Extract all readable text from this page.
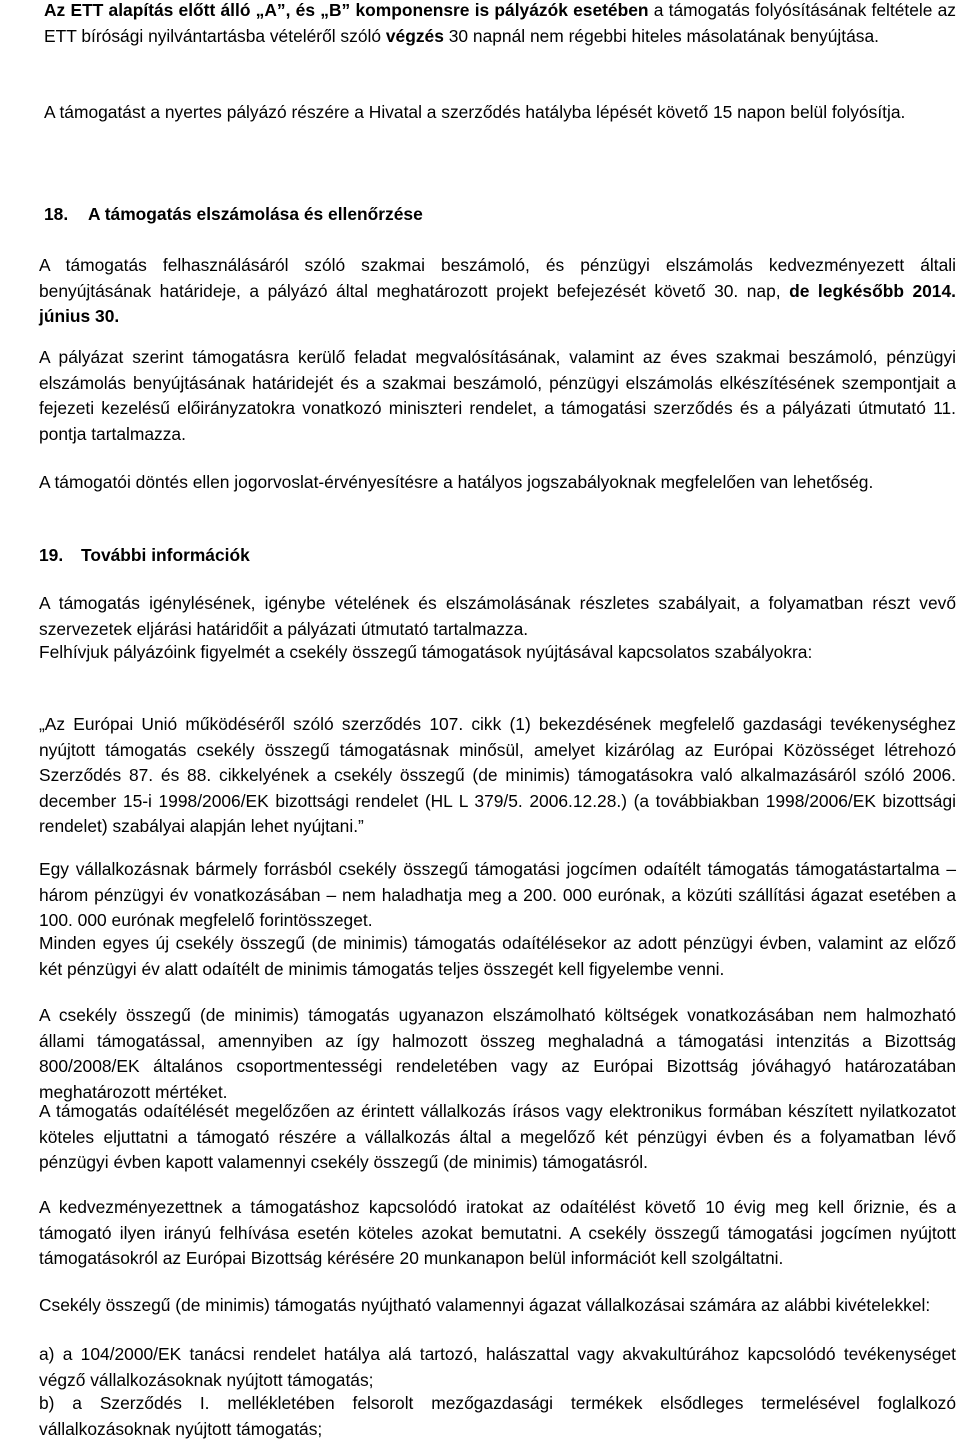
Az ETT alapítás előtt álló „A”, és „B” komponensre is pályázók esetében a támogatás folyósításának feltétele az ETT bírósági nyilvántartásba vételéről szóló végzés 30 napnál nem régebbi hiteles másolatának benyújtása.

A támogatást a nyertes pályázó részére a Hivatal a szerződés hatályba lépését követő 15 napon belül folyósítja.

18. A támogatás elszámolása és ellenőrzése

A támogatás felhasználásáról szóló szakmai beszámoló, és pénzügyi elszámolás kedvezményezett általi benyújtásának határideje, a pályázó által meghatározott projekt befejezését követő 30. nap, de legkésőbb 2014. június 30.

A pályázat szerint támogatásra kerülő feladat megvalósításának, valamint az éves szakmai beszámoló, pénzügyi elszámolás benyújtásának határidejét és a szakmai beszámoló, pénzügyi elszámolás elkészítésének szempontjait a fejezeti kezelésű előirányzatokra vonatkozó miniszteri rendelet, a támogatási szerződés és a pályázati útmutató 11. pontja tartalmazza.

A támogatói döntés ellen jogorvoslat-érvényesítésre a hatályos jogszabályoknak megfelelően van lehetőség.

19. További információk

A támogatás igénylésének, igénybe vételének és elszámolásának részletes szabályait, a folyamatban részt vevő szervezetek eljárási határidőit a pályázati útmutató tartalmazza.

Felhívjuk pályázóink figyelmét a csekély összegű támogatások nyújtásával kapcsolatos szabályokra:

„Az Európai Unió működéséről szóló szerződés 107. cikk (1) bekezdésének megfelelő gazdasági tevékenységhez nyújtott támogatás csekély összegű támogatásnak minősül, amelyet kizárólag az Európai Közösséget létrehozó Szerződés 87. és 88. cikkelyének a csekély összegű (de minimis) támogatásokra való alkalmazásáról szóló 2006. december 15-i 1998/2006/EK bizottsági rendelet (HL L 379/5. 2006.12.28.) (a továbbiakban 1998/2006/EK bizottsági rendelet) szabályai alapján lehet nyújtani.”

Egy vállalkozásnak bármely forrásból csekély összegű támogatási jogcímen odaítélt támogatás támogatástartalma – három pénzügyi év vonatkozásában – nem haladhatja meg a 200. 000 eurónak, a közúti szállítási ágazat esetében a 100. 000 eurónak megfelelő forintösszeget.

Minden egyes új csekély összegű (de minimis) támogatás odaítélésekor az adott pénzügyi évben, valamint az előző két pénzügyi év alatt odaítélt de minimis támogatás teljes összegét kell figyelembe venni.

A csekély összegű (de minimis) támogatás ugyanazon elszámolható költségek vonatkozásában nem halmozható állami támogatással, amennyiben az így halmozott összeg meghaladná a támogatási intenzitás a Bizottság 800/2008/EK általános csoportmentességi rendeletében vagy az Európai Bizottság jóváhagyó határozatában meghatározott mértéket.

A támogatás odaítélését megelőzően az érintett vállalkozás írásos vagy elektronikus formában készített nyilatkozatot köteles eljuttatni a támogató részére a vállalkozás által a megelőző két pénzügyi évben és a folyamatban lévő pénzügyi évben kapott valamennyi csekély összegű (de minimis) támogatásról.

A kedvezményezettnek a támogatáshoz kapcsolódó iratokat az odaítélést követő 10 évig meg kell őriznie, és a támogató ilyen irányú felhívása esetén köteles azokat bemutatni. A csekély összegű támogatási jogcímen nyújtott támogatásokról az Európai Bizottság kérésére 20 munkanapon belül információt kell szolgáltatni.

Csekély összegű (de minimis) támogatás nyújtható valamennyi ágazat vállalkozásai számára az alábbi kivételekkel:

a) a 104/2000/EK tanácsi rendelet hatálya alá tartozó, halászattal vagy akvakultúrához kapcsolódó tevékenységet végző vállalkozásoknak nyújtott támogatás;

b) a Szerződés I. mellékletében felsorolt mezőgazdasági termékek elsődleges termelésével foglalkozó vállalkozásoknak nyújtott támogatás;
